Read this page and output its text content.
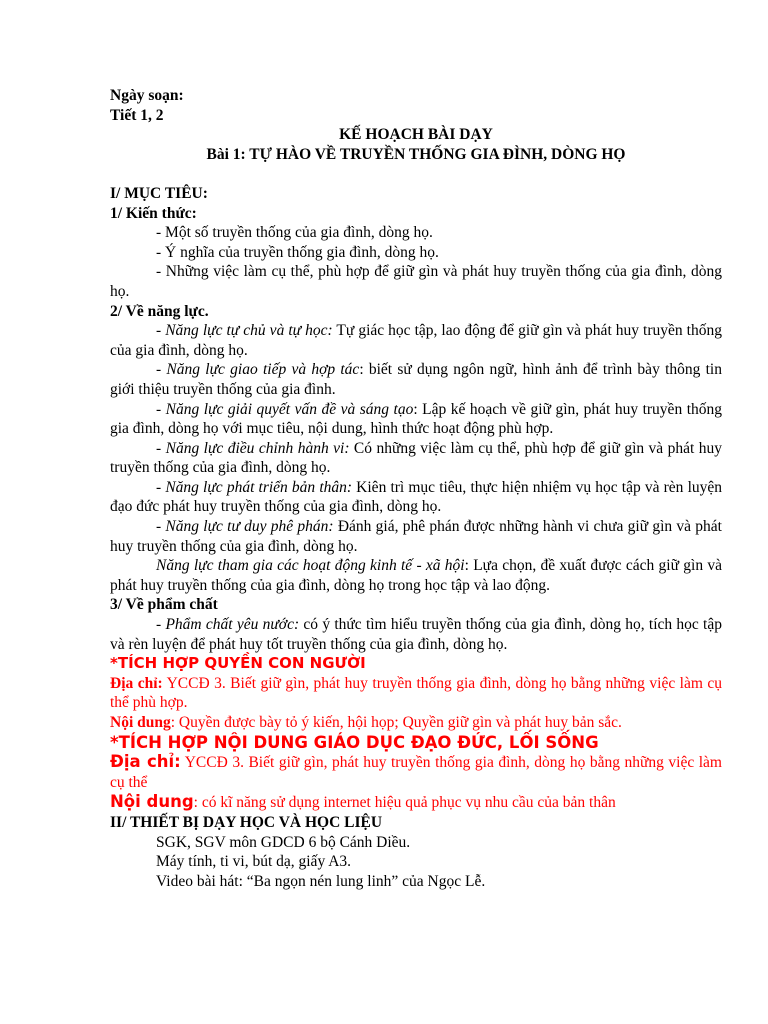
Ngày soạn:
Tiết 1, 2
KẾ HOẠCH BÀI DẠY
Bài 1: TỰ HÀO VỀ TRUYỀN THỐNG GIA ĐÌNH, DÒNG HỌ
I/ MỤC TIÊU:
1/ Kiến thức:
- Một số truyền thống của gia đình, dòng họ.
- Ý nghĩa của truyền thống gia đình, dòng họ.
- Những việc làm cụ thể, phù hợp để giữ gìn và phát huy truyền thống của gia đình, dòng họ.
2/ Về năng lực.
- Năng lực tự chủ và tự học: Tự giác học tập, lao động để giữ gìn và phát huy truyền thống của gia đình, dòng họ.
- Năng lực giao tiếp và hợp tác: biết sử dụng ngôn ngữ, hình ảnh để trình bày thông tin giới thiệu truyền thống của gia đình.
- Năng lực giải quyết vấn đề và sáng tạo: Lập kế hoạch về giữ gìn, phát huy truyền thống gia đình, dòng họ với mục tiêu, nội dung, hình thức hoạt động phù hợp.
- Năng lực điều chỉnh hành vi: Có những việc làm cụ thể, phù hợp để giữ gìn và phát huy truyền thống của gia đình, dòng họ.
- Năng lực phát triển bản thân: Kiên trì mục tiêu, thực hiện nhiệm vụ học tập và rèn luyện đạo đức phát huy truyền thống của gia đình, dòng họ.
- Năng lực tư duy phê phán: Đánh giá, phê phán được những hành vi chưa giữ gìn và phát huy truyền thống của gia đình, dòng họ.
Năng lực tham gia các hoạt động kinh tế - xã hội: Lựa chọn, đề xuất được cách giữ gìn và phát huy truyền thống của gia đình, dòng họ trong học tập và lao động.
3/ Về phẩm chất
- Phẩm chất yêu nước: có ý thức tìm hiểu truyền thống của gia đình, dòng họ, tích học tập và rèn luyện để phát huy tốt truyền thống của gia đình, dòng họ.
*TÍCH HỢP QUYỀN CON NGƯỜI
Địa chỉ: YCCĐ 3. Biết giữ gìn, phát huy truyền thống gia đình, dòng họ bằng những việc làm cụ thể phù hợp.
Nội dung: Quyền được bày tỏ ý kiến, hội họp; Quyền giữ gìn và phát huy bản sắc.
*TÍCH HỢP NỘI DUNG GIÁO DỤC ĐẠO ĐỨC, LỐI SỐNG
Địa chỉ: YCCĐ 3. Biết giữ gìn, phát huy truyền thống gia đình, dòng họ bằng những việc làm cụ thể
Nội dung: có kĩ năng sử dụng internet hiệu quả phục vụ nhu cầu của bản thân
II/ THIẾT BỊ DẠY HỌC VÀ HỌC LIỆU
SGK, SGV môn GDCD 6 bộ Cánh Diều.
Máy tính, ti vi, bút dạ, giấy A3.
Video bài hát: “Ba ngọn nén lung linh” của Ngọc Lễ.
